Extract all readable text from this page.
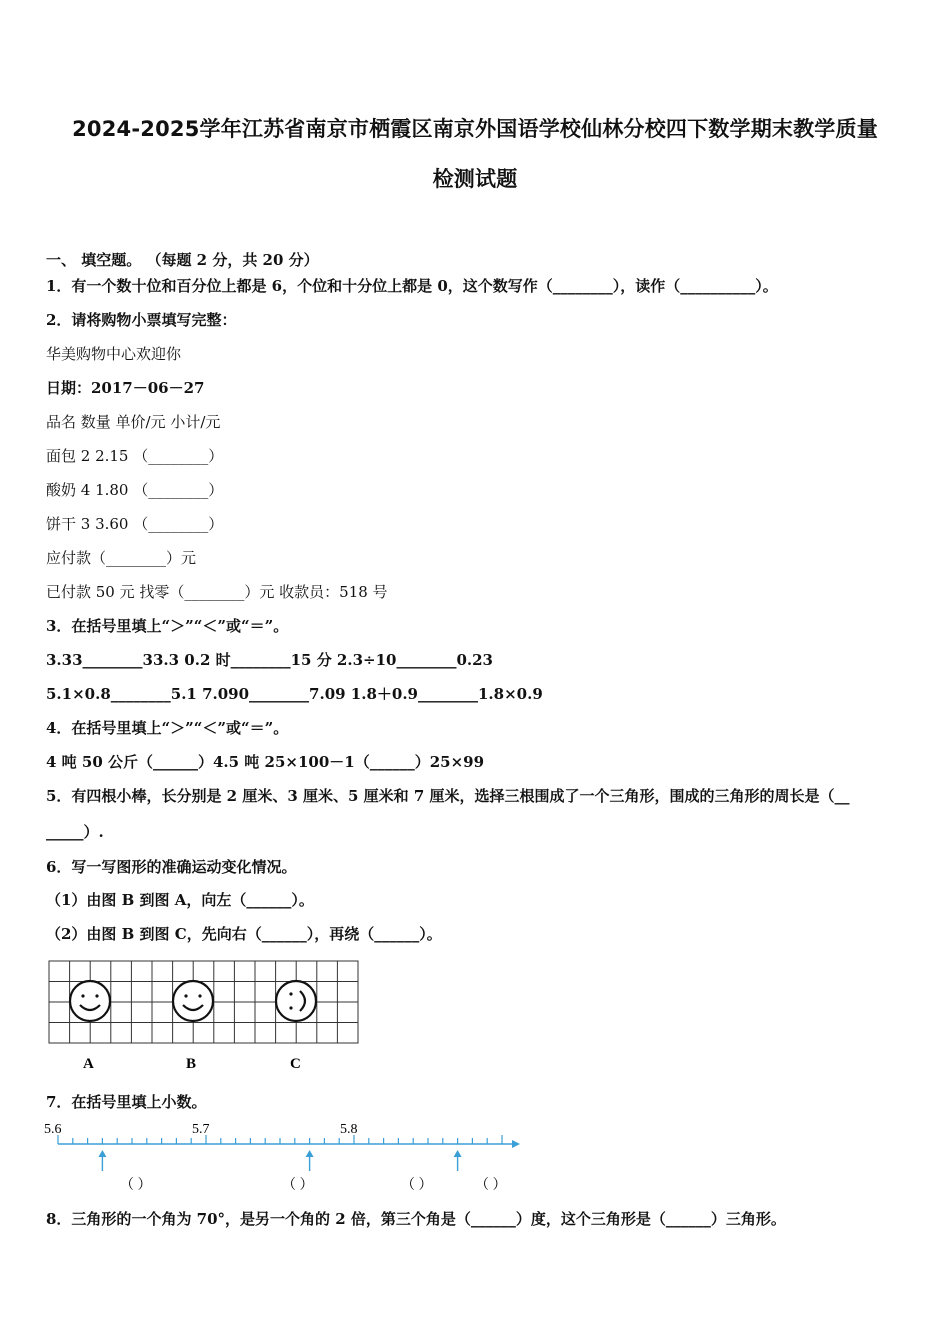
2024-2025学年江苏省南京市栖霞区南京外国语学校仙林分校四下数学期末教学质量
检测试题
一、 填空题。 （每题 2 分，共 20 分）
1．有一个数十位和百分位上都是 6，个位和十分位上都是 0，这个数写作（________），读作（__________）。
2．请将购物小票填写完整：
华美购物中心欢迎你
日期：2017－06－27
品名 数量 单价/元 小计/元
面包 2 2.15 （________）
酸奶 4 1.80 （________）
饼干 3 3.60 （________）
应付款（________）元
已付款 50 元 找零（________）元 收款员：518 号
3．在括号里填上“＞”“＜”或“＝”。
3.33________33.3 0.2 时________15 分 2.3÷10________0.23
5.1×0.8________5.1 7.090________7.09 1.8＋0.9________1.8×0.9
4．在括号里填上“＞”“＜”或“＝”。
4 吨 50 公斤（______）4.5 吨 25×100－1（______）25×99
5．有四根小棒，长分别是 2 厘米、3 厘米、5 厘米和 7 厘米，选择三根围成了一个三角形，围成的三角形的周长是（__
_____）.
6．写一写图形的准确运动变化情况。
（1）由图 B 到图 A，向左（______）。
（2）由图 B 到图 C，先向右（______），再绕（______）。
A	B	C
7．在括号里填上小数。
5.6	5.7	5.8
（ ）	（ ）	（ ）	（ ）
8．三角形的一个角为 70°，是另一个角的 2 倍，第三个角是（______）度，这个三角形是（______）三角形。
